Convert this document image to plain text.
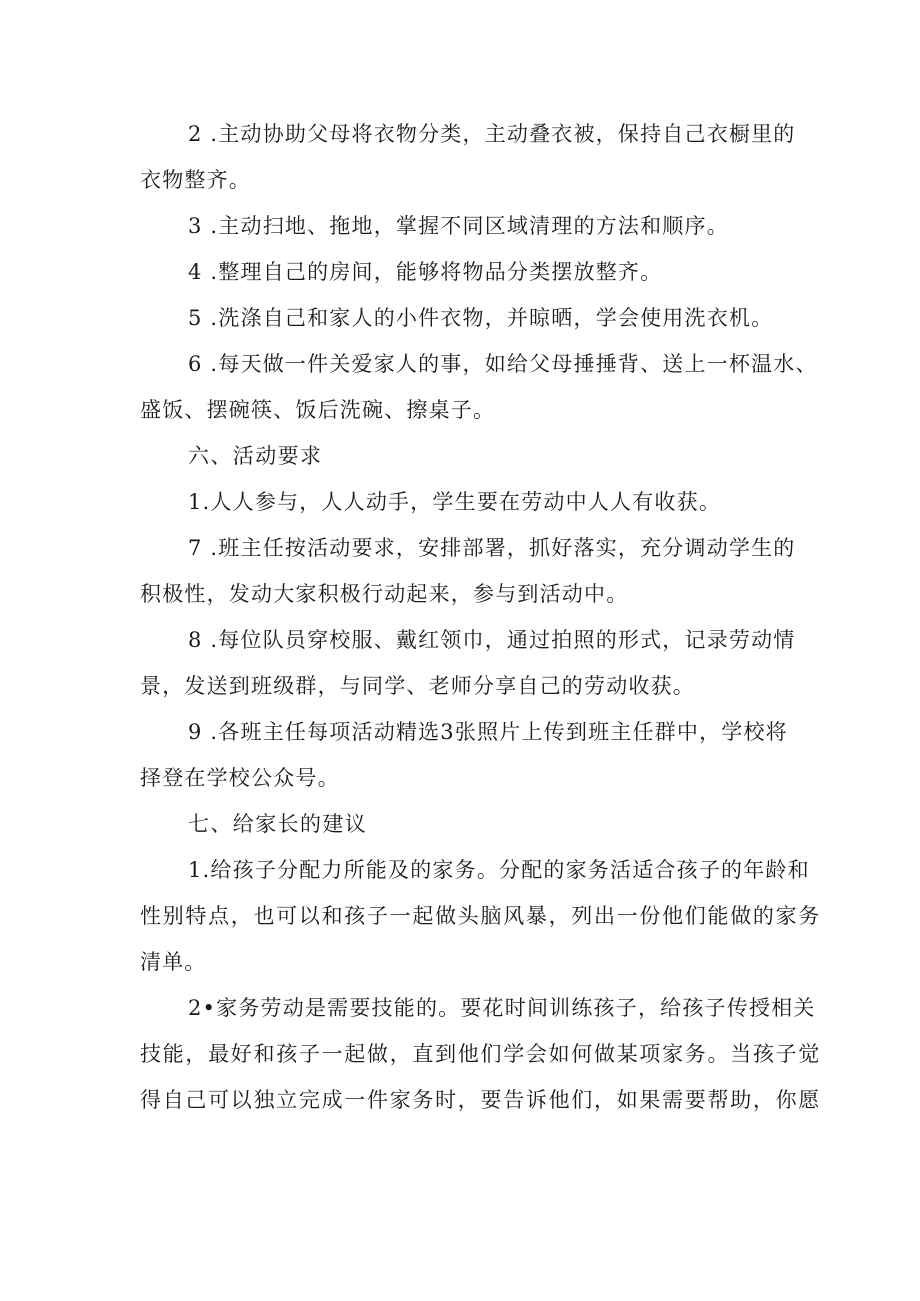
2 .主动协助父母将衣物分类，主动叠衣被，保持自己衣橱里的

衣物整齐。

3 .主动扫地、拖地，掌握不同区域清理的方法和顺序。

4 .整理自己的房间，能够将物品分类摆放整齐。

5 .洗涤自己和家人的小件衣物，并晾晒，学会使用洗衣机。

6 .每天做一件关爱家人的事，如给父母捶捶背、送上一杯温水、

盛饭、摆碗筷、饭后洗碗、擦桌子。

六、活动要求

1.人人参与，人人动手，学生要在劳动中人人有收获。

7 .班主任按活动要求，安排部署，抓好落实，充分调动学生的

积极性，发动大家积极行动起来，参与到活动中。

8 .每位队员穿校服、戴红领巾，通过拍照的形式，记录劳动情

景，发送到班级群，与同学、老师分享自己的劳动收获。

9 .各班主任每项活动精选3张照片上传到班主任群中，学校将

择登在学校公众号。

七、给家长的建议

1.给孩子分配力所能及的家务。分配的家务活适合孩子的年龄和

性别特点，也可以和孩子一起做头脑风暴，列出一份他们能做的家务

清单。

2•家务劳动是需要技能的。要花时间训练孩子，给孩子传授相关

技能，最好和孩子一起做，直到他们学会如何做某项家务。当孩子觉

得自己可以独立完成一件家务时，要告诉他们，如果需要帮助，你愿
